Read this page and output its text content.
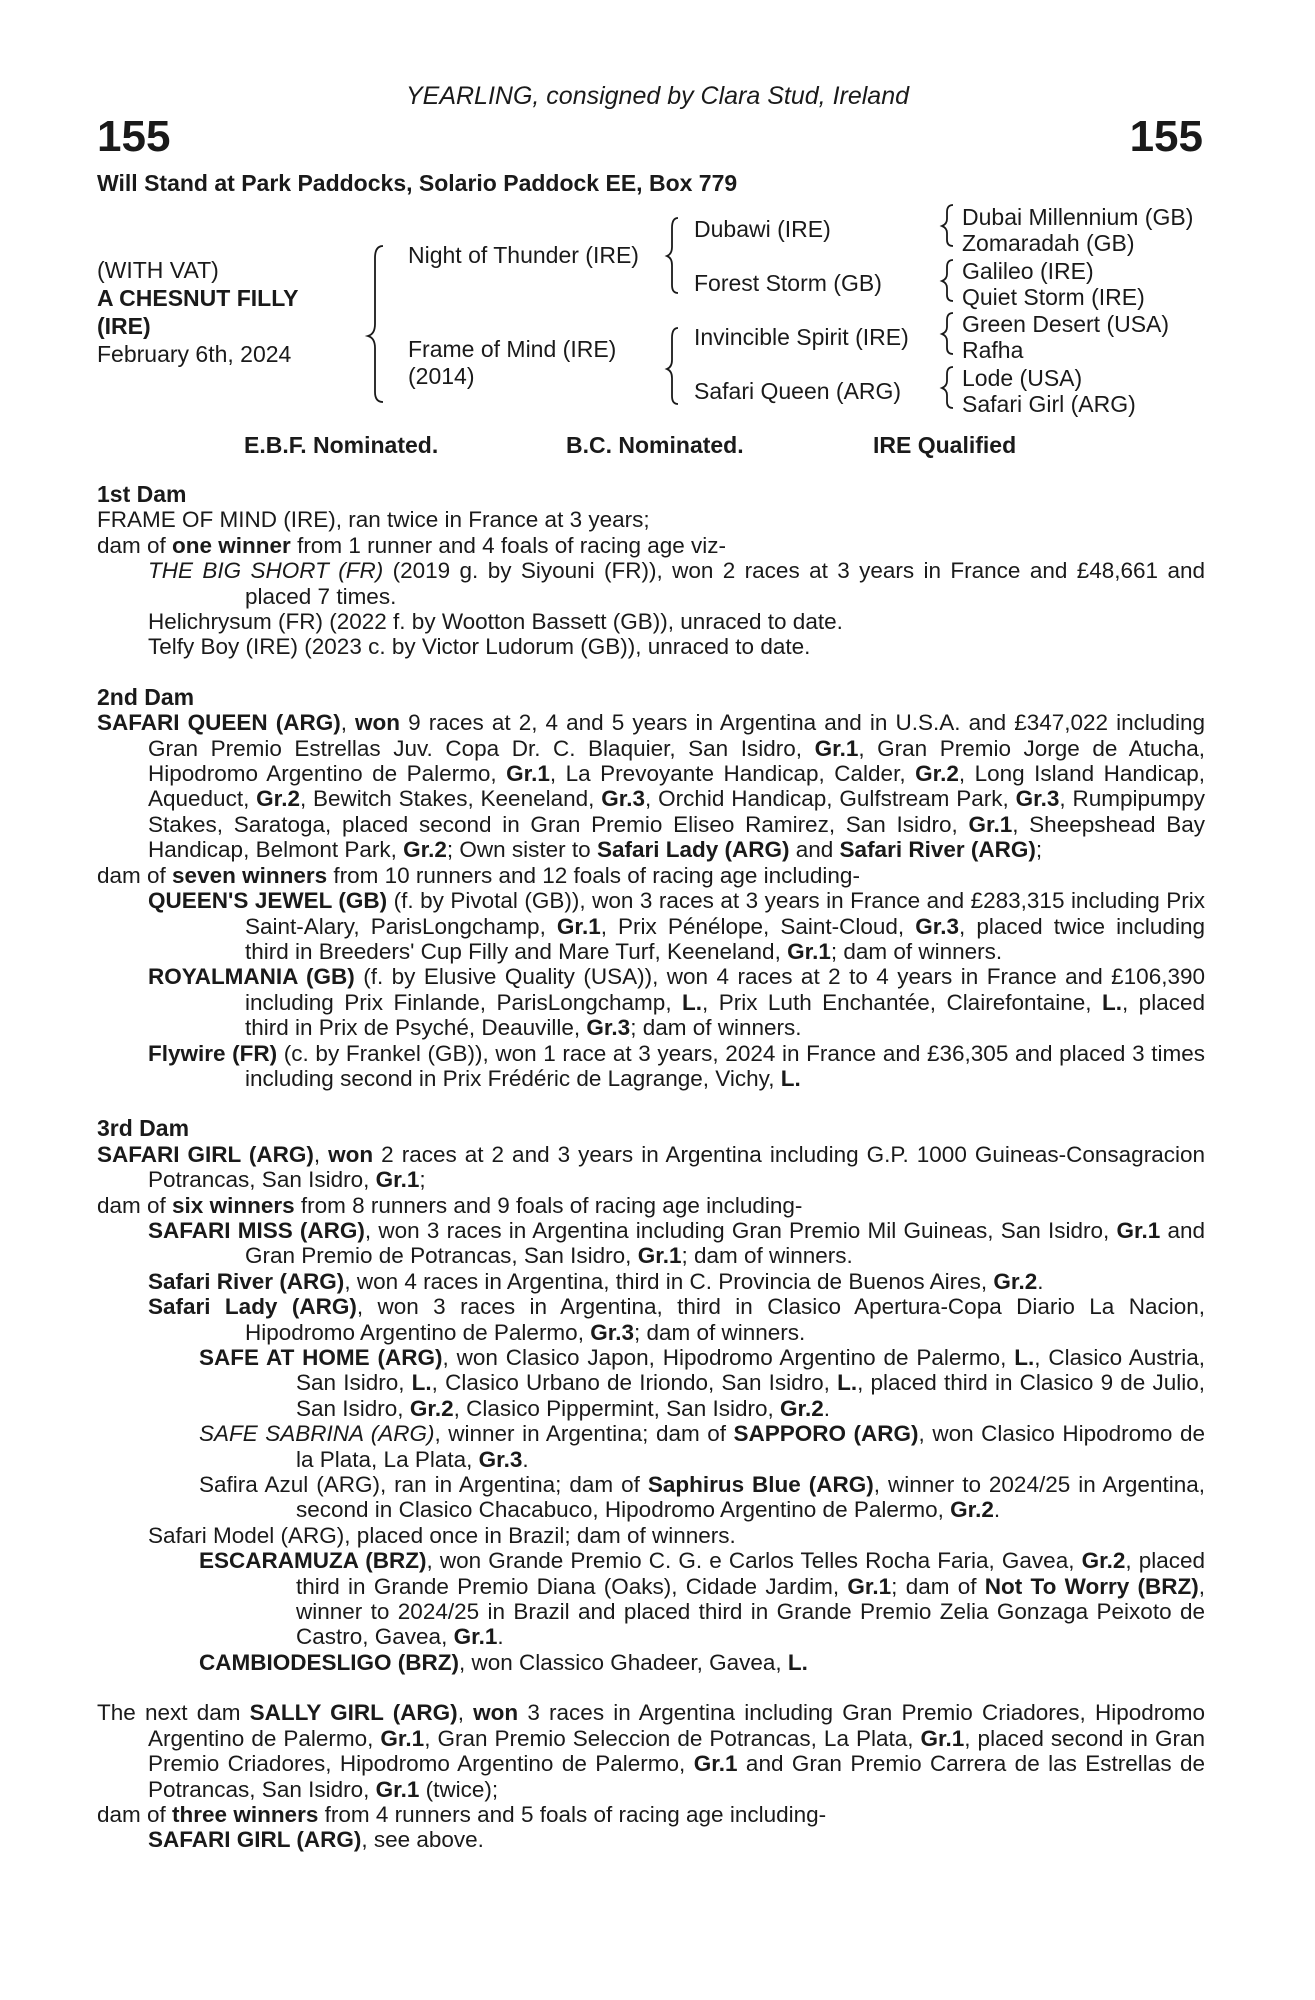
YEARLING, consigned by Clara Stud, Ireland
155	155
Will Stand at Park Paddocks, Solario Paddock EE, Box 779
(WITH VAT)
A CHESNUT FILLY
(IRE)
February 6th, 2024
Night of Thunder (IRE)
Frame of Mind (IRE)
(2014)
Dubawi (IRE)
Forest Storm (GB)
Invincible Spirit (IRE)
Safari Queen (ARG)
Dubai Millennium (GB)
Zomaradah (GB)
Galileo (IRE)
Quiet Storm (IRE)
Green Desert (USA)
Rafha
Lode (USA)
Safari Girl (ARG)
E.B.F. Nominated.	B.C. Nominated.	IRE Qualified

1st Dam

FRAME OF MIND (IRE), ran twice in France at 3 years;

dam of one winner from 1 runner and 4 foals of racing age viz-

THE BIG SHORT (FR) (2019 g. by Siyouni (FR)), won 2 races at 3 years in France and £48,661 and placed 7 times.

Helichrysum (FR) (2022 f. by Wootton Bassett (GB)), unraced to date.

Telfy Boy (IRE) (2023 c. by Victor Ludorum (GB)), unraced to date.

2nd Dam

SAFARI QUEEN (ARG), won 9 races at 2, 4 and 5 years in Argentina and in U.S.A. and £347,022 including Gran Premio Estrellas Juv. Copa Dr. C. Blaquier, San Isidro, Gr.1, Gran Premio Jorge de Atucha, Hipodromo Argentino de Palermo, Gr.1, La Prevoyante Handicap, Calder, Gr.2, Long Island Handicap, Aqueduct, Gr.2, Bewitch Stakes, Keeneland, Gr.3, Orchid Handicap, Gulfstream Park, Gr.3, Rumpipumpy Stakes, Saratoga, placed second in Gran Premio Eliseo Ramirez, San Isidro, Gr.1, Sheepshead Bay Handicap, Belmont Park, Gr.2; Own sister to Safari Lady (ARG) and Safari River (ARG);

dam of seven winners from 10 runners and 12 foals of racing age including-

QUEEN'S JEWEL (GB) (f. by Pivotal (GB)), won 3 races at 3 years in France and £283,315 including Prix Saint-Alary, ParisLongchamp, Gr.1, Prix Pénélope, Saint-Cloud, Gr.3, placed twice including third in Breeders' Cup Filly and Mare Turf, Keeneland, Gr.1; dam of winners.

ROYALMANIA (GB) (f. by Elusive Quality (USA)), won 4 races at 2 to 4 years in France and £106,390 including Prix Finlande, ParisLongchamp, L., Prix Luth Enchantée, Clairefontaine, L., placed third in Prix de Psyché, Deauville, Gr.3; dam of winners.

Flywire (FR) (c. by Frankel (GB)), won 1 race at 3 years, 2024 in France and £36,305 and placed 3 times including second in Prix Frédéric de Lagrange, Vichy, L.

3rd Dam

SAFARI GIRL (ARG), won 2 races at 2 and 3 years in Argentina including G.P. 1000 Guineas-Consagracion Potrancas, San Isidro, Gr.1;

dam of six winners from 8 runners and 9 foals of racing age including-

SAFARI MISS (ARG), won 3 races in Argentina including Gran Premio Mil Guineas, San Isidro, Gr.1 and Gran Premio de Potrancas, San Isidro, Gr.1; dam of winners.

Safari River (ARG), won 4 races in Argentina, third in C. Provincia de Buenos Aires, Gr.2.

Safari Lady (ARG), won 3 races in Argentina, third in Clasico Apertura-Copa Diario La Nacion, Hipodromo Argentino de Palermo, Gr.3; dam of winners.

SAFE AT HOME (ARG), won Clasico Japon, Hipodromo Argentino de Palermo, L., Clasico Austria, San Isidro, L., Clasico Urbano de Iriondo, San Isidro, L., placed third in Clasico 9 de Julio, San Isidro, Gr.2, Clasico Pippermint, San Isidro, Gr.2.

SAFE SABRINA (ARG), winner in Argentina; dam of SAPPORO (ARG), won Clasico Hipodromo de la Plata, La Plata, Gr.3.

Safira Azul (ARG), ran in Argentina; dam of Saphirus Blue (ARG), winner to 2024/25 in Argentina, second in Clasico Chacabuco, Hipodromo Argentino de Palermo, Gr.2.

Safari Model (ARG), placed once in Brazil; dam of winners.

ESCARAMUZA (BRZ), won Grande Premio C. G. e Carlos Telles Rocha Faria, Gavea, Gr.2, placed third in Grande Premio Diana (Oaks), Cidade Jardim, Gr.1; dam of Not To Worry (BRZ), winner to 2024/25 in Brazil and placed third in Grande Premio Zelia Gonzaga Peixoto de Castro, Gavea, Gr.1.

CAMBIODESLIGO (BRZ), won Classico Ghadeer, Gavea, L.

The next dam SALLY GIRL (ARG), won 3 races in Argentina including Gran Premio Criadores, Hipodromo Argentino de Palermo, Gr.1, Gran Premio Seleccion de Potrancas, La Plata, Gr.1, placed second in Gran Premio Criadores, Hipodromo Argentino de Palermo, Gr.1 and Gran Premio Carrera de las Estrellas de Potrancas, San Isidro, Gr.1 (twice);

dam of three winners from 4 runners and 5 foals of racing age including-

SAFARI GIRL (ARG), see above.
